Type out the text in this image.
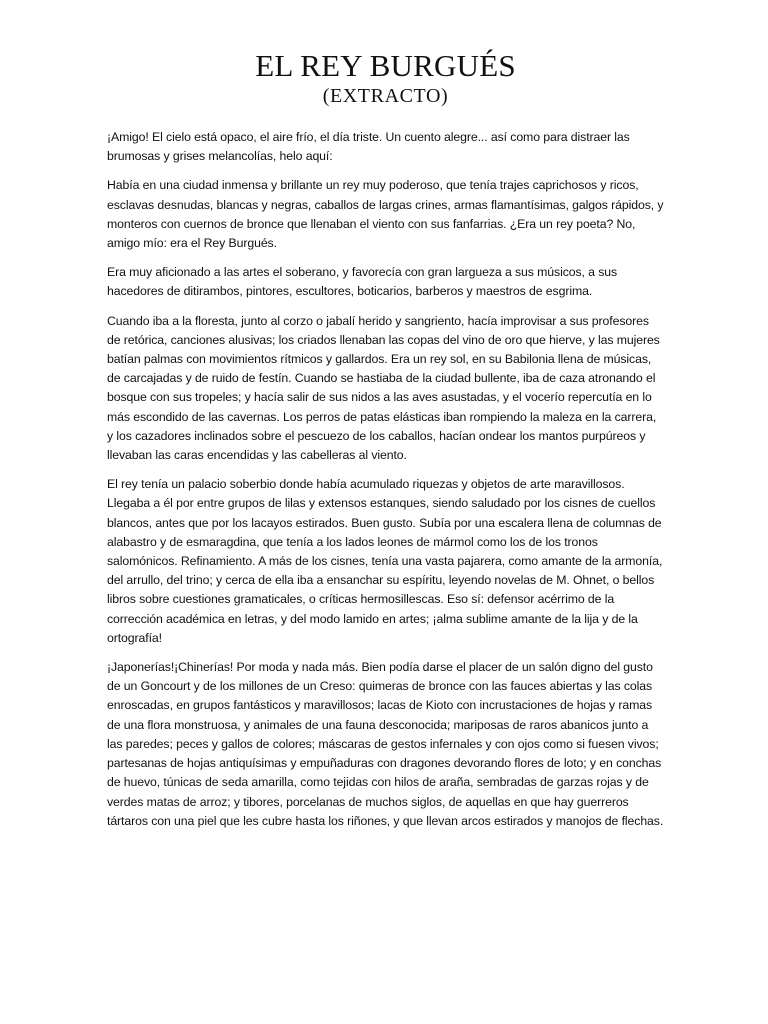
EL REY BURGUÉS
(EXTRACTO)

¡Amigo! El cielo está opaco, el aire frío, el día triste. Un cuento alegre... así como para distraer las brumosas y grises melancolías, helo aquí:

Había en una ciudad inmensa y brillante un rey muy poderoso, que tenía trajes caprichosos y ricos, esclavas desnudas, blancas y negras, caballos de largas crines, armas flamantísimas, galgos rápidos, y monteros con cuernos de bronce que llenaban el viento con sus fanfarrias. ¿Era un rey poeta? No, amigo mío: era el Rey Burgués.

Era muy aficionado a las artes el soberano, y favorecía con gran largueza a sus músicos, a sus hacedores de ditirambos, pintores, escultores, boticarios, barberos y maestros de esgrima.

Cuando iba a la floresta, junto al corzo o jabalí herido y sangriento, hacía improvisar a sus profesores de retórica, canciones alusivas; los criados llenaban las copas del vino de oro que hierve, y las mujeres batían palmas con movimientos rítmicos y gallardos. Era un rey sol, en su Babilonia llena de músicas, de carcajadas y de ruido de festín. Cuando se hastiaba de la ciudad bullente, iba de caza atronando el bosque con sus tropeles; y hacía salir de sus nidos a las aves asustadas, y el vocerío repercutía en lo más escondido de las cavernas. Los perros de patas elásticas iban rompiendo la maleza en la carrera, y los cazadores inclinados sobre el pescuezo de los caballos, hacían ondear los mantos purpúreos y llevaban las caras encendidas y las cabelleras al viento.

El rey tenía un palacio soberbio donde había acumulado riquezas y objetos de arte maravillosos. Llegaba a él por entre grupos de lilas y extensos estanques, siendo saludado por los cisnes de cuellos blancos, antes que por los lacayos estirados. Buen gusto. Subía por una escalera llena de columnas de alabastro y de esmaragdina, que tenía a los lados leones de mármol como los de los tronos salomónicos. Refinamiento. A más de los cisnes, tenía una vasta pajarera, como amante de la armonía, del arrullo, del trino; y cerca de ella iba a ensanchar su espíritu, leyendo novelas de M. Ohnet, o bellos libros sobre cuestiones gramaticales, o críticas hermosillescas. Eso sí: defensor acérrimo de la corrección académica en letras, y del modo lamido en artes; ¡alma sublime amante de la lija y de la ortografía!

¡Japonerías!¡Chinerías! Por moda y nada más. Bien podía darse el placer de un salón digno del gusto de un Goncourt y de los millones de un Creso: quimeras de bronce con las fauces abiertas y las colas enroscadas, en grupos fantásticos y maravillosos; lacas de Kioto con incrustaciones de hojas y ramas de una flora monstruosa, y animales de una fauna desconocida; mariposas de raros abanicos junto a las paredes; peces y gallos de colores; máscaras de gestos infernales y con ojos como si fuesen vivos; partesanas de hojas antiquísimas y empuñaduras con dragones devorando flores de loto; y en conchas de huevo, túnicas de seda amarilla, como tejidas con hilos de araña, sembradas de garzas rojas y de verdes matas de arroz; y tibores, porcelanas de muchos siglos, de aquellas en que hay guerreros tártaros con una piel que les cubre hasta los riñones, y que llevan arcos estirados y manojos de flechas.
